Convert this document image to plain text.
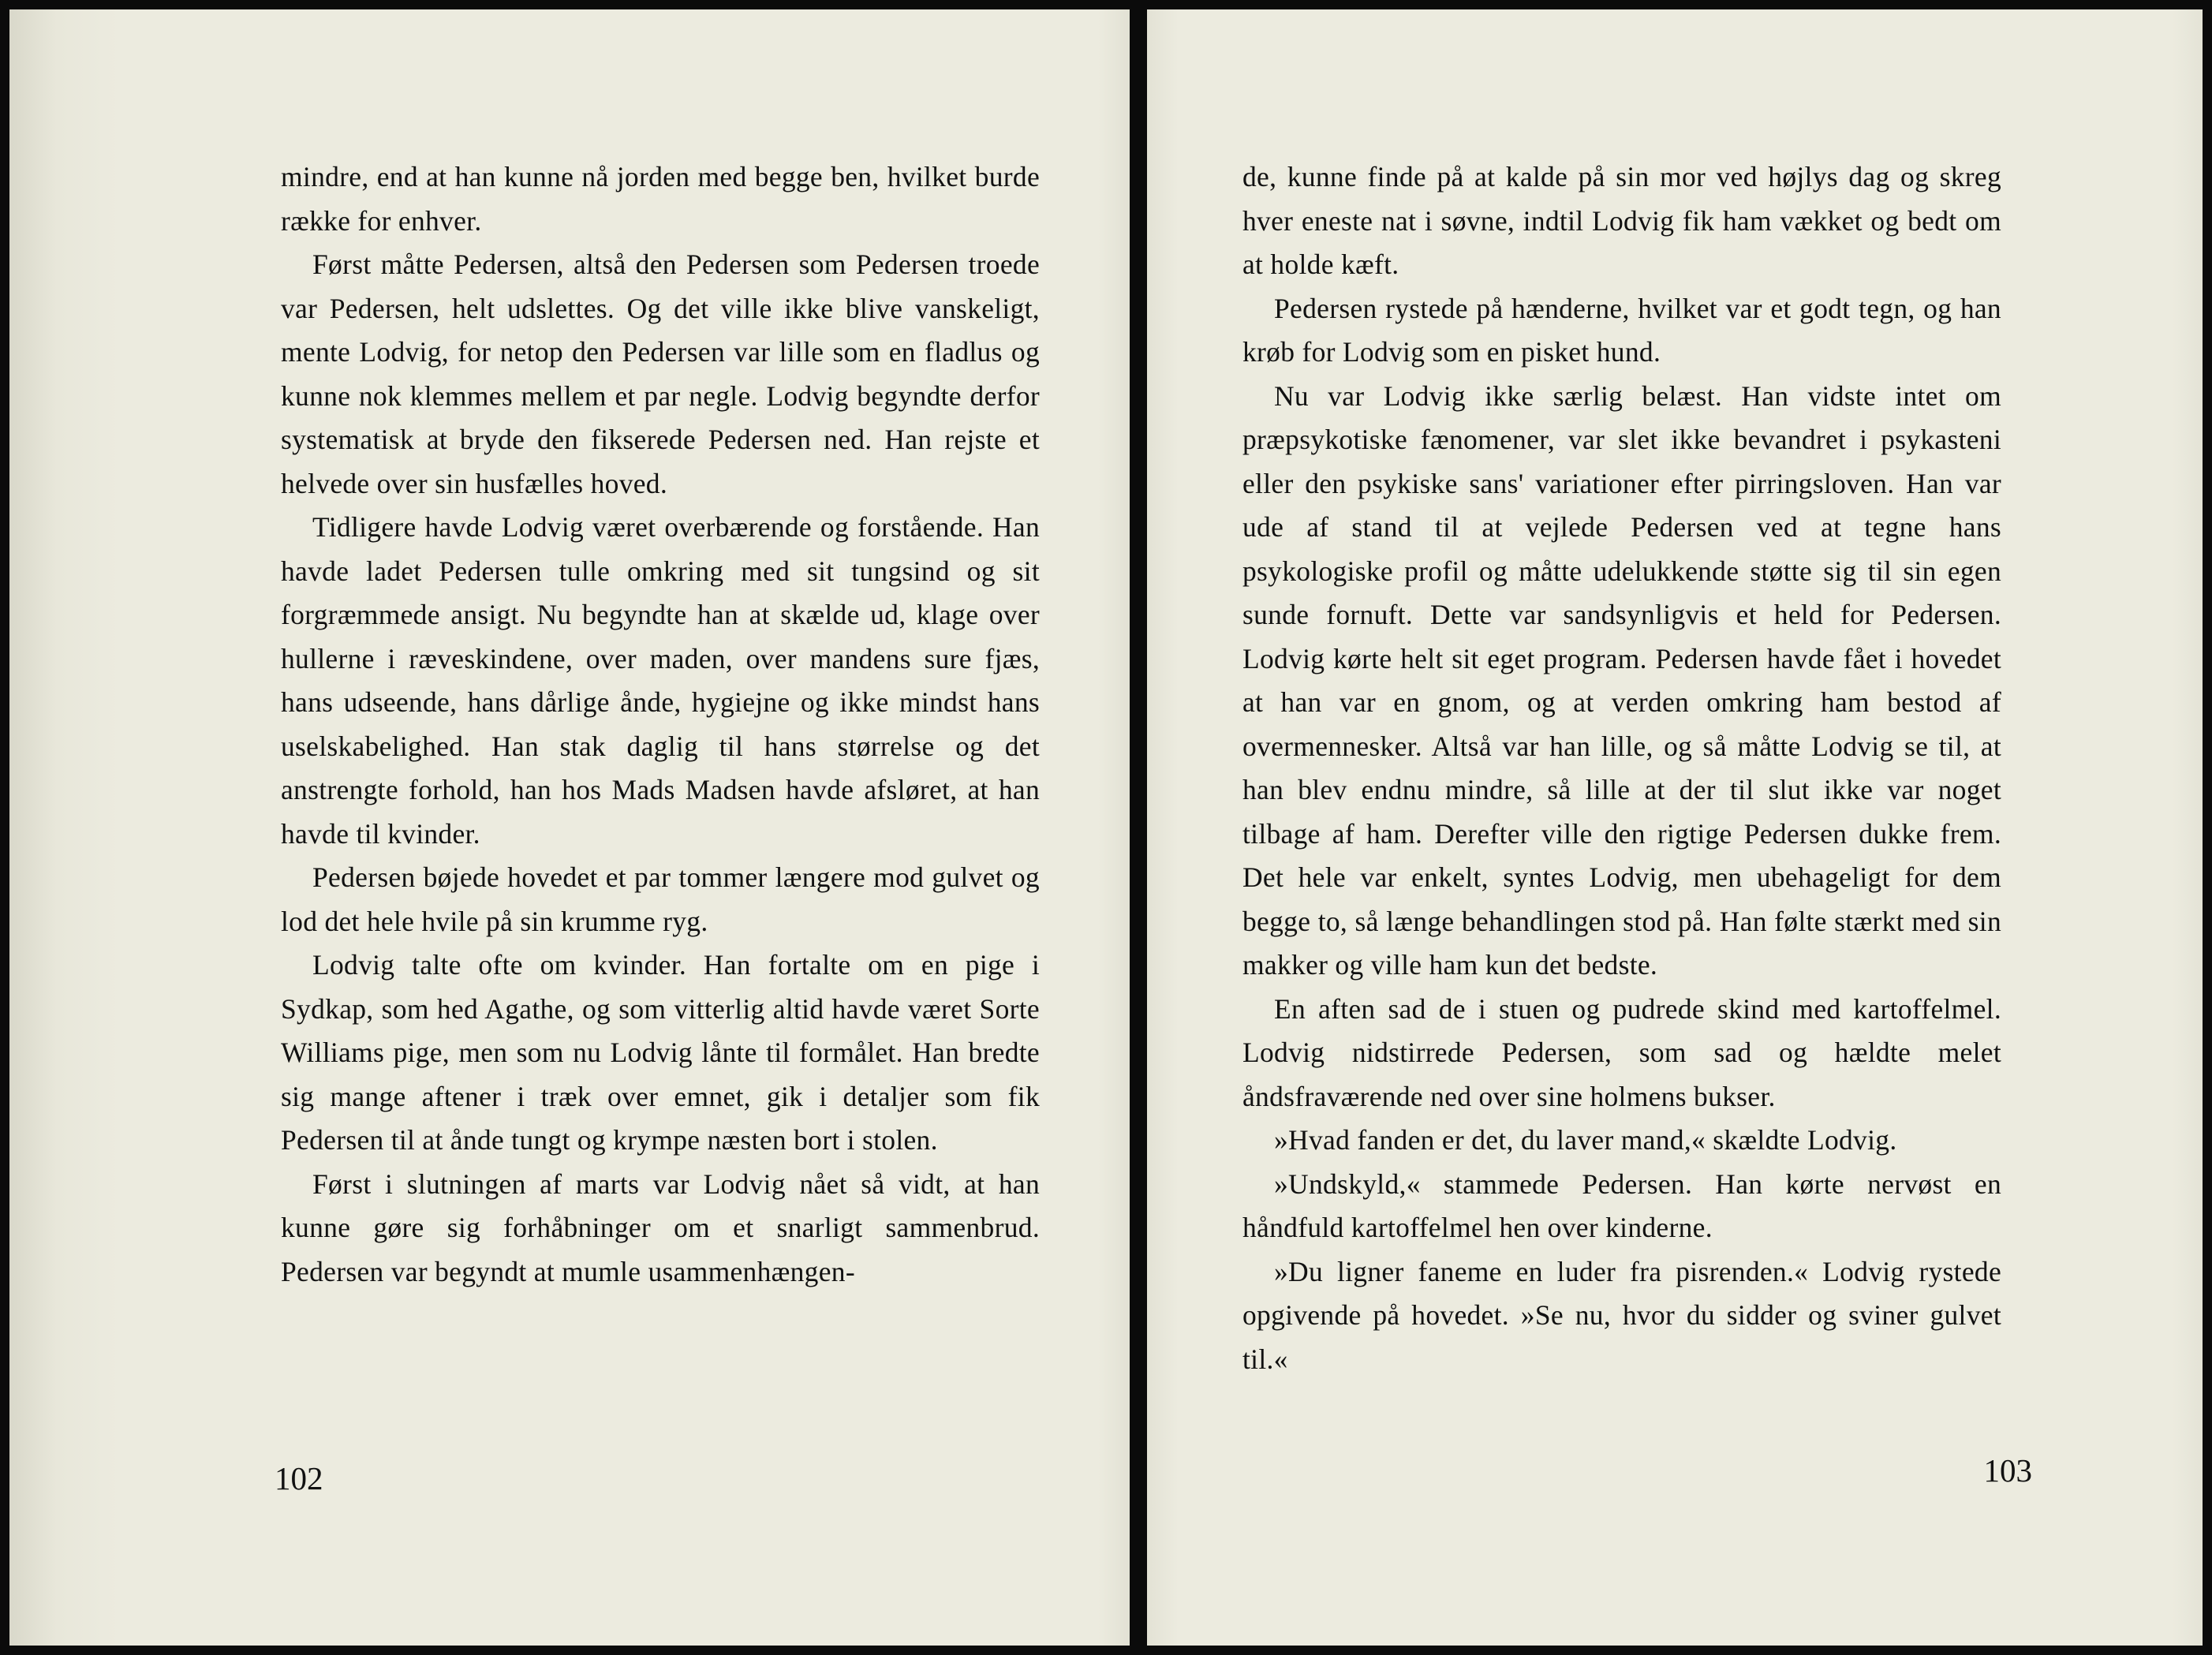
mindre, end at han kunne nå jorden med begge ben, hvilket burde række for enhver.

Først måtte Pedersen, altså den Pedersen som Pedersen troede var Pedersen, helt udslettes. Og det ville ikke blive vanskeligt, mente Lodvig, for netop den Pedersen var lille som en fladlus og kunne nok klemmes mellem et par negle. Lodvig begyndte derfor systematisk at bryde den fikserede Pedersen ned. Han rejste et helvede over sin husfælles hoved.

Tidligere havde Lodvig været overbærende og forstående. Han havde ladet Pedersen tulle omkring med sit tungsind og sit forgræmmede ansigt. Nu begyndte han at skælde ud, klage over hullerne i ræveskindene, over maden, over mandens sure fjæs, hans udseende, hans dårlige ånde, hygiejne og ikke mindst hans uselskabelighed. Han stak daglig til hans størrelse og det anstrengte forhold, han hos Mads Madsen havde afsløret, at han havde til kvinder.

Pedersen bøjede hovedet et par tommer længere mod gulvet og lod det hele hvile på sin krumme ryg.

Lodvig talte ofte om kvinder. Han fortalte om en pige i Sydkap, som hed Agathe, og som vitterlig altid havde været Sorte Williams pige, men som nu Lodvig lånte til formålet. Han bredte sig mange aftener i træk over emnet, gik i detaljer som fik Pedersen til at ånde tungt og krympe næsten bort i stolen.

Først i slutningen af marts var Lodvig nået så vidt, at han kunne gøre sig forhåbninger om et snarligt sammenbrud. Pedersen var begyndt at mumle usammenhængen-

102

de, kunne finde på at kalde på sin mor ved højlys dag og skreg hver eneste nat i søvne, indtil Lodvig fik ham vækket og bedt om at holde kæft.

Pedersen rystede på hænderne, hvilket var et godt tegn, og han krøb for Lodvig som en pisket hund.

Nu var Lodvig ikke særlig belæst. Han vidste intet om præpsykotiske fænomener, var slet ikke bevandret i psykasteni eller den psykiske sans' variationer efter pirringsloven. Han var ude af stand til at vejlede Pedersen ved at tegne hans psykologiske profil og måtte udelukkende støtte sig til sin egen sunde fornuft. Dette var sandsynligvis et held for Pedersen. Lodvig kørte helt sit eget program. Pedersen havde fået i hovedet at han var en gnom, og at verden omkring ham bestod af overmennesker. Altså var han lille, og så måtte Lodvig se til, at han blev endnu mindre, så lille at der til slut ikke var noget tilbage af ham. Derefter ville den rigtige Pedersen dukke frem. Det hele var enkelt, syntes Lodvig, men ubehageligt for dem begge to, så længe behandlingen stod på. Han følte stærkt med sin makker og ville ham kun det bedste.

En aften sad de i stuen og pudrede skind med kartoffelmel. Lodvig nidstirrede Pedersen, som sad og hældte melet åndsfraværende ned over sine holmens bukser.

»Hvad fanden er det, du laver mand,« skældte Lodvig.

»Undskyld,« stammede Pedersen. Han kørte nervøst en håndfuld kartoffelmel hen over kinderne.

»Du ligner faneme en luder fra pisrenden.« Lodvig rystede opgivende på hovedet. »Se nu, hvor du sidder og sviner gulvet til.«

103
